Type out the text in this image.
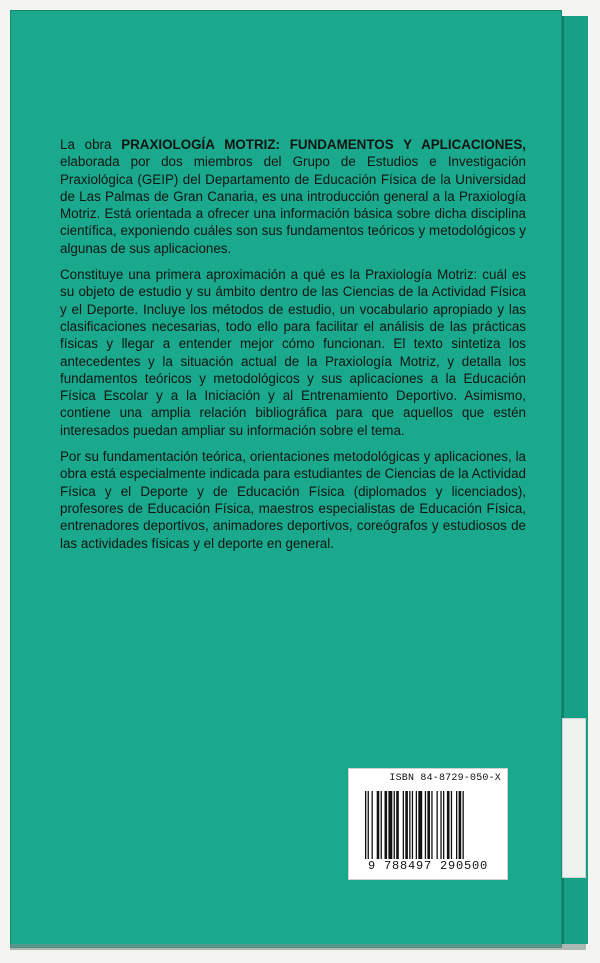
La obra PRAXIOLOGÍA MOTRIZ: FUNDAMENTOS Y APLICACIONES, elaborada por dos miembros del Grupo de Estudios e Investigación Praxiológica (GEIP) del Departamento de Educación Física de la Universidad de Las Palmas de Gran Canaria, es una introducción general a la Praxiología Motriz. Está orientada a ofrecer una información básica sobre dicha disciplina científica, exponiendo cuáles son sus fundamentos teóricos y metodológicos y algunas de sus aplicaciones.

Constituye una primera aproximación a qué es la Praxiología Motriz: cuál es su objeto de estudio y su ámbito dentro de las Ciencias de la Actividad Física y el Deporte. Incluye los métodos de estudio, un vocabulario apropiado y las clasificaciones necesarias, todo ello para facilitar el análisis de las prácticas físicas y llegar a entender mejor cómo funcionan. El texto sintetiza los antecedentes y la situación actual de la Praxiología Motriz, y detalla los fundamentos teóricos y metodológicos y sus aplicaciones a la Educación Física Escolar y a la Iniciación y al Entrenamiento Deportivo. Asimismo, contiene una amplia relación bibliográfica para que aquellos que estén interesados puedan ampliar su información sobre el tema.

Por su fundamentación teórica, orientaciones metodológicas y aplicaciones, la obra está especialmente indicada para estudiantes de Ciencias de la Actividad Física y el Deporte y de Educación Física (diplomados y licenciados), profesores de Educación Física, maestros especialistas de Educación Física, entrenadores deportivos, animadores deportivos, coreógrafos y estudiosos de las actividades físicas y el deporte en general.

ISBN 84-8729-050-X
9 788497 290500
